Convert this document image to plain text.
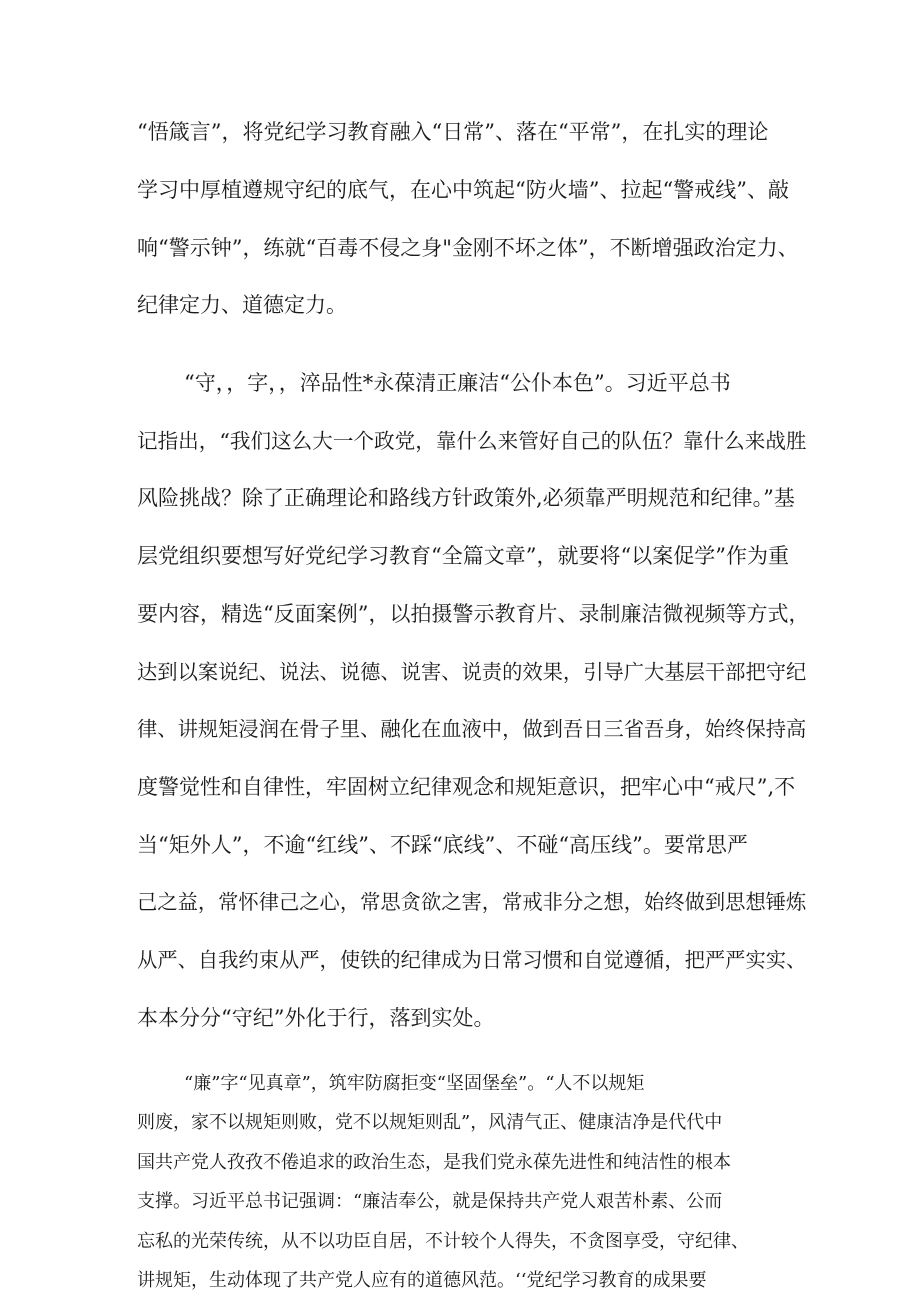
“悟箴言”，将党纪学习教育融入“日常”、落在“平常”，在扎实的理论
学习中厚植遵规守纪的底气，在心中筑起“防火墙”、拉起“警戒线”、敲
响“警示钟”，练就“百毒不侵之身"金刚不坏之体”，不断增强政治定力、
纪律定力、道德定力。
“守，，字，，淬品性*永葆清正廉洁“公仆本色”。习近平总书
记指出，“我们这么大一个政党，靠什么来管好自己的队伍？靠什么来战胜
风险挑战？除了正确理论和路线方针政策外,必须靠严明规范和纪律。”基
层党组织要想写好党纪学习教育“全篇文章”，就要将“以案促学”作为重
要内容，精选“反面案例”，以拍摄警示教育片、录制廉洁微视频等方式，
达到以案说纪、说法、说德、说害、说责的效果，引导广大基层干部把守纪
律、讲规矩浸润在骨子里、融化在血液中，做到吾日三省吾身，始终保持高
度警觉性和自律性，牢固树立纪律观念和规矩意识，把牢心中“戒尺”,不
当“矩外人”，不逾“红线”、不踩“底线”、不碰“高压线”。要常思严
己之益，常怀律己之心，常思贪欲之害，常戒非分之想，始终做到思想锤炼
从严、自我约束从严，使铁的纪律成为日常习惯和自觉遵循，把严严实实、
本本分分“守纪”外化于行，落到实处。
“廉”字“见真章”，筑牢防腐拒变“坚固堡垒”。“人不以规矩
则废，家不以规矩则败，党不以规矩则乱”，风清气正、健康洁净是代代中
国共产党人孜孜不倦追求的政治生态，是我们党永葆先进性和纯洁性的根本
支撑。习近平总书记强调：“廉洁奉公，就是保持共产党人艰苦朴素、公而
忘私的光荣传统，从不以功臣自居，不计较个人得失，不贪图享受，守纪律、
讲规矩，生动体现了共产党人应有的道德风范。‘‘党纪学习教育的成果要
